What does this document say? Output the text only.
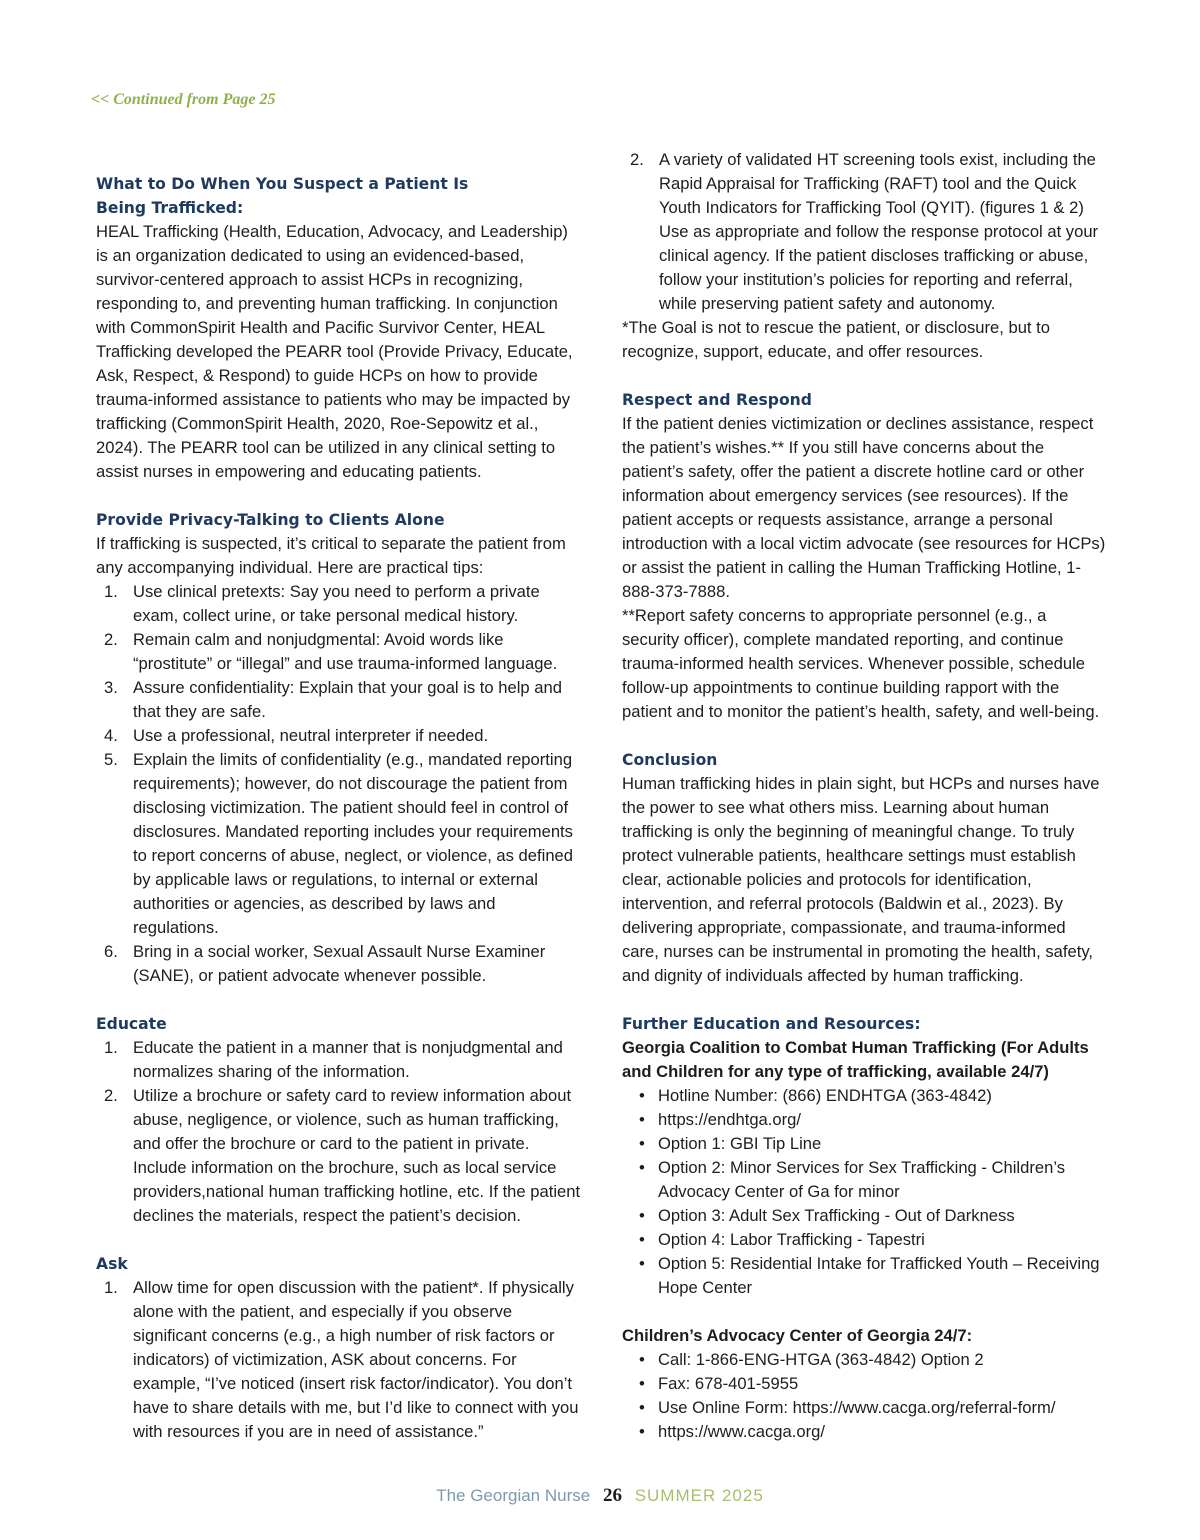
<< Continued from Page 25

What to Do When You Suspect a Patient Is
Being Trafficked:

HEAL Trafficking (Health, Education, Advocacy, and Leadership) is an organization dedicated to using an evidenced-based, survivor-centered approach to assist HCPs in recognizing, responding to, and preventing human trafficking. In conjunction with CommonSpirit Health and Pacific Survivor Center, HEAL Trafficking developed the PEARR tool (Provide Privacy, Educate, Ask, Respect, & Respond) to guide HCPs on how to provide trauma-informed assistance to patients who may be impacted by trafficking (CommonSpirit Health, 2020, Roe-Sepowitz et al., 2024). The PEARR tool can be utilized in any clinical setting to assist nurses in empowering and educating patients.

Provide Privacy-Talking to Clients Alone

If trafficking is suspected, it’s critical to separate the patient from any accompanying individual. Here are practical tips:

1. Use clinical pretexts: Say you need to perform a private exam, collect urine, or take personal medical history.
2. Remain calm and nonjudgmental: Avoid words like “prostitute” or “illegal” and use trauma-informed language.
3. Assure confidentiality: Explain that your goal is to help and that they are safe.
4. Use a professional, neutral interpreter if needed.
5. Explain the limits of confidentiality (e.g., mandated reporting requirements); however, do not discourage the patient from disclosing victimization. The patient should feel in control of disclosures. Mandated reporting includes your requirements to report concerns of abuse, neglect, or violence, as defined by applicable laws or regulations, to internal or external authorities or agencies, as described by laws and regulations.
6. Bring in a social worker, Sexual Assault Nurse Examiner (SANE), or patient advocate whenever possible.
Educate
1. Educate the patient in a manner that is nonjudgmental and normalizes sharing of the information.
2. Utilize a brochure or safety card to review information about abuse, negligence, or violence, such as human trafficking, and offer the brochure or card to the patient in private. Include information on the brochure, such as local service providers,national human trafficking hotline, etc. If the patient declines the materials, respect the patient’s decision.
Ask
1. Allow time for open discussion with the patient*. If physically alone with the patient, and especially if you observe significant concerns (e.g., a high number of risk factors or indicators) of victimization, ASK about concerns. For example, “I’ve noticed (insert risk factor/indicator). You don’t have to share details with me, but I’d like to connect with you with resources if you are in need of assistance.”
2. A variety of validated HT screening tools exist, including the Rapid Appraisal for Trafficking (RAFT) tool and the Quick Youth Indicators for Trafficking Tool (QYIT). (figures 1 & 2) Use as appropriate and follow the response protocol at your clinical agency. If the patient discloses trafficking or abuse, follow your institution’s policies for reporting and referral, while preserving patient safety and autonomy.

*The Goal is not to rescue the patient, or disclosure, but to recognize, support, educate, and offer resources.

Respect and Respond

If the patient denies victimization or declines assistance, respect the patient’s wishes.** If you still have concerns about the patient’s safety, offer the patient a discrete hotline card or other information about emergency services (see resources). If the patient accepts or requests assistance, arrange a personal introduction with a local victim advocate (see resources for HCPs) or assist the patient in calling the Human Trafficking Hotline, 1-888-373-7888.

**Report safety concerns to appropriate personnel (e.g., a security officer), complete mandated reporting, and continue trauma-informed health services. Whenever possible, schedule follow-up appointments to continue building rapport with the patient and to monitor the patient’s health, safety, and well-being.

Conclusion

Human trafficking hides in plain sight, but HCPs and nurses have the power to see what others miss. Learning about human trafficking is only the beginning of meaningful change. To truly protect vulnerable patients, healthcare settings must establish clear, actionable policies and protocols for identification, intervention, and referral protocols (Baldwin et al., 2023). By delivering appropriate, compassionate, and trauma-informed care, nurses can be instrumental in promoting the health, safety, and dignity of individuals affected by human trafficking.

Further Education and Resources:

Georgia Coalition to Combat Human Trafficking (For Adults and Children for any type of trafficking, available 24/7)

• Hotline Number: (866) ENDHTGA (363-4842)
• https://endhtga.org/
• Option 1: GBI Tip Line
• Option 2: Minor Services for Sex Trafficking - Children’s Advocacy Center of Ga for minor
• Option 3: Adult Sex Trafficking - Out of Darkness
• Option 4: Labor Trafficking - Tapestri
• Option 5: Residential Intake for Trafficked Youth – Receiving Hope Center

Children’s Advocacy Center of Georgia 24/7:

• Call: 1-866-ENG-HTGA (363-4842) Option 2
• Fax: 678-401-5955
• Use Online Form: https://www.cacga.org/referral-form/
• https://www.cacga.org/
The Georgian Nurse 26 SUMMER 2025
